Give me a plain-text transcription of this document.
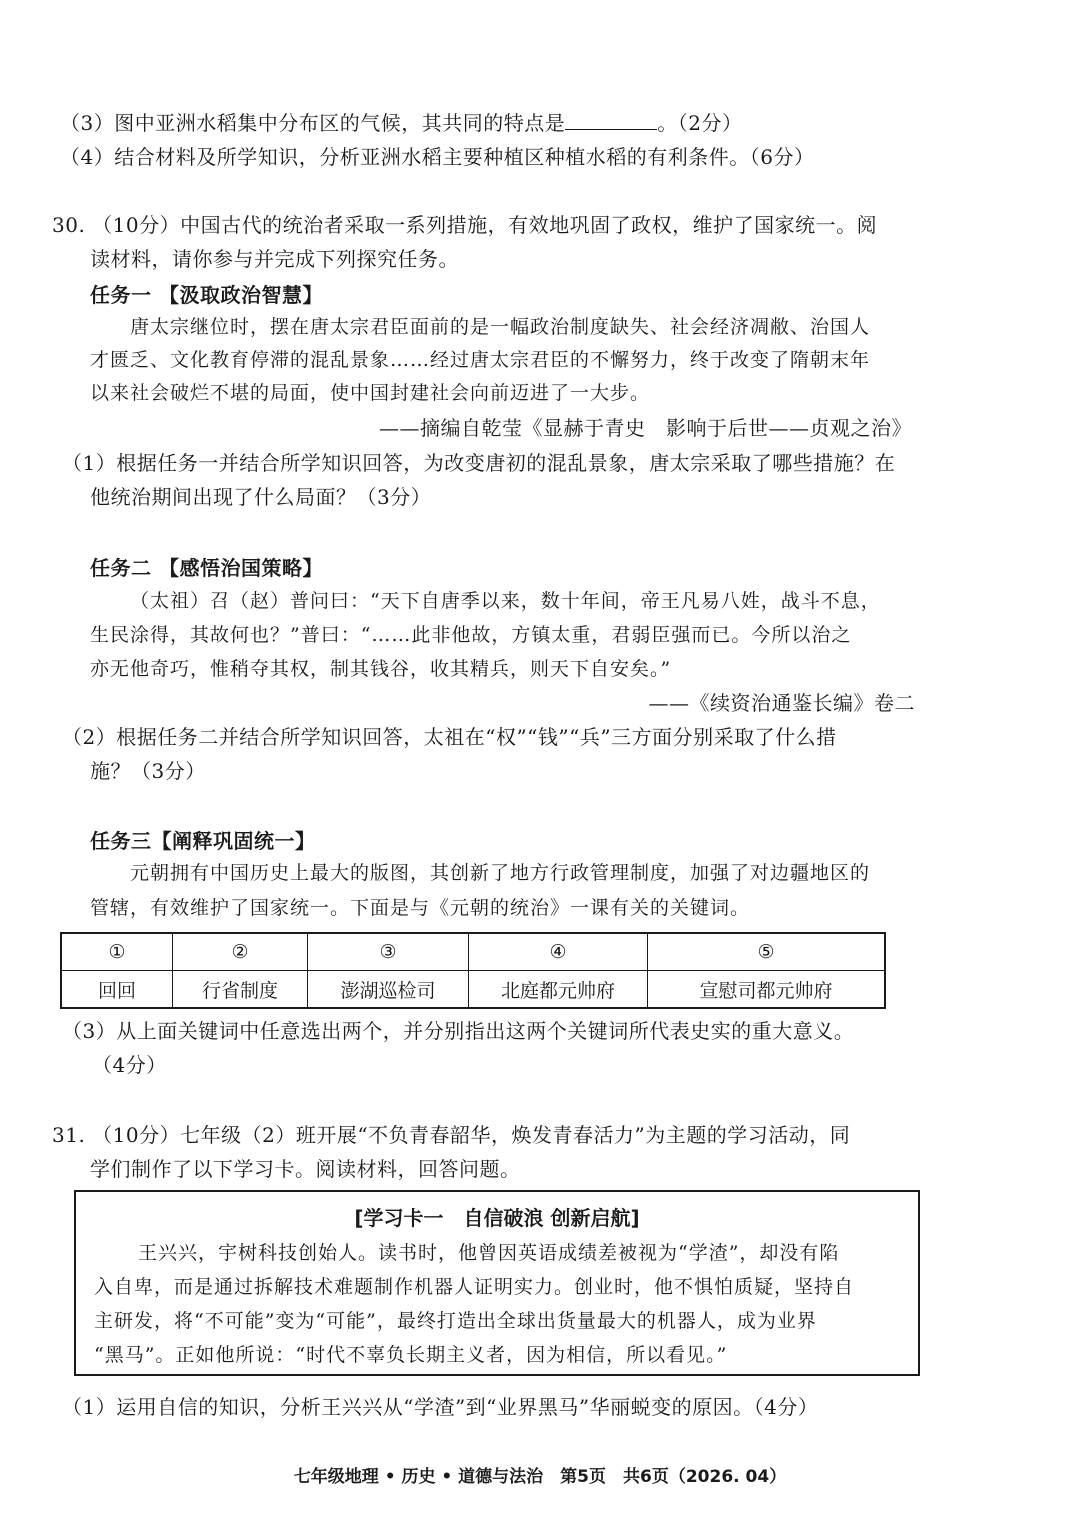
（3）图中亚洲水稻集中分布区的气候，其共同的特点是	。（2分）
（4）结合材料及所学知识，分析亚洲水稻主要种植区种植水稻的有利条件。（6分）
30. （10分）中国古代的统治者采取一系列措施，有效地巩固了政权，维护了国家统一。阅
读材料，请你参与并完成下列探究任务。
任务一 【汲取政治智慧】
唐太宗继位时，摆在唐太宗君臣面前的是一幅政治制度缺失、社会经济凋敝、治国人
才匮乏、文化教育停滞的混乱景象……经过唐太宗君臣的不懈努力，终于改变了隋朝末年
以来社会破烂不堪的局面，使中国封建社会向前迈进了一大步。
——摘编自乾莹《显赫于青史　影响于后世——贞观之治》
（1）根据任务一并结合所学知识回答，为改变唐初的混乱景象，唐太宗采取了哪些措施？在
他统治期间出现了什么局面？（3分）
任务二 【感悟治国策略】
（太祖）召（赵）普问曰：“天下自唐季以来，数十年间，帝王凡易八姓，战斗不息，
生民涂得，其故何也？”普曰：“……此非他故，方镇太重，君弱臣强而已。今所以治之
亦无他奇巧，惟稍夺其权，制其钱谷，收其精兵，则天下自安矣。”
——《续资治通鉴长编》卷二
（2）根据任务二并结合所学知识回答，太祖在“权”“钱”“兵”三方面分别采取了什么措
施？（3分）
任务三【阐释巩固统一】
元朝拥有中国历史上最大的版图，其创新了地方行政管理制度，加强了对边疆地区的
管辖，有效维护了国家统一。下面是与《元朝的统治》一课有关的关键词。
①	②	③	④	⑤
回回	行省制度	澎湖巡检司	北庭都元帅府	宣慰司都元帅府
（3）从上面关键词中任意选出两个，并分别指出这两个关键词所代表史实的重大意义。
（4分）
31. （10分）七年级（2）班开展“不负青春韶华，焕发青春活力”为主题的学习活动，同
学们制作了以下学习卡。阅读材料，回答问题。
[学习卡一　自信破浪 创新启航]
王兴兴，宇树科技创始人。读书时，他曾因英语成绩差被视为“学渣”，却没有陷
入自卑，而是通过拆解技术难题制作机器人证明实力。创业时，他不惧怕质疑，坚持自
主研发，将“不可能”变为“可能”，最终打造出全球出货量最大的机器人，成为业界
“黑马”。正如他所说：“时代不辜负长期主义者，因为相信，所以看见。”
（1）运用自信的知识，分析王兴兴从“学渣”到“业界黑马”华丽蜕变的原因。（4分）
七年级地理 • 历史 • 道德与法治　第5页　共6页（2026. 04）
